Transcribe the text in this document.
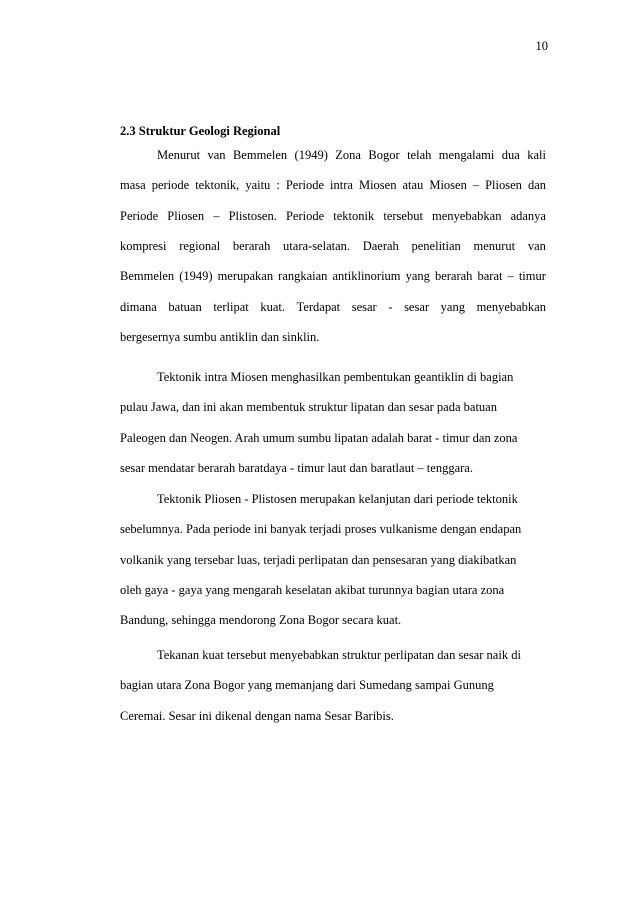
10
2.3 Struktur Geologi Regional
Menurut van Bemmelen (1949) Zona Bogor telah mengalami dua kali
masa periode tektonik, yaitu : Periode intra Miosen atau Miosen – Pliosen dan
Periode Pliosen – Plistosen. Periode tektonik tersebut menyebabkan adanya
kompresi regional berarah utara-selatan. Daerah penelitian menurut van
Bemmelen (1949) merupakan rangkaian antiklinorium yang berarah barat – timur
dimana batuan terlipat kuat. Terdapat sesar - sesar yang menyebabkan
bergesernya sumbu antiklin dan sinklin.
Tektonik intra Miosen menghasilkan pembentukan geantiklin di bagian
pulau Jawa, dan ini akan membentuk struktur lipatan dan sesar pada batuan
Paleogen dan Neogen. Arah umum sumbu lipatan adalah barat - timur dan zona
sesar mendatar berarah baratdaya - timur laut dan baratlaut – tenggara.
Tektonik Pliosen - Plistosen merupakan kelanjutan dari periode tektonik
sebelumnya. Pada periode ini banyak terjadi proses vulkanisme dengan endapan
volkanik yang tersebar luas, terjadi perlipatan dan pensesaran yang diakibatkan
oleh gaya - gaya yang mengarah keselatan akibat turunnya bagian utara zona
Bandung, sehingga mendorong Zona Bogor secara kuat.
Tekanan kuat tersebut menyebabkan struktur perlipatan dan sesar naik di
bagian utara Zona Bogor yang memanjang dari Sumedang sampai Gunung
Ceremai. Sesar ini dikenal dengan nama Sesar Baribis.
